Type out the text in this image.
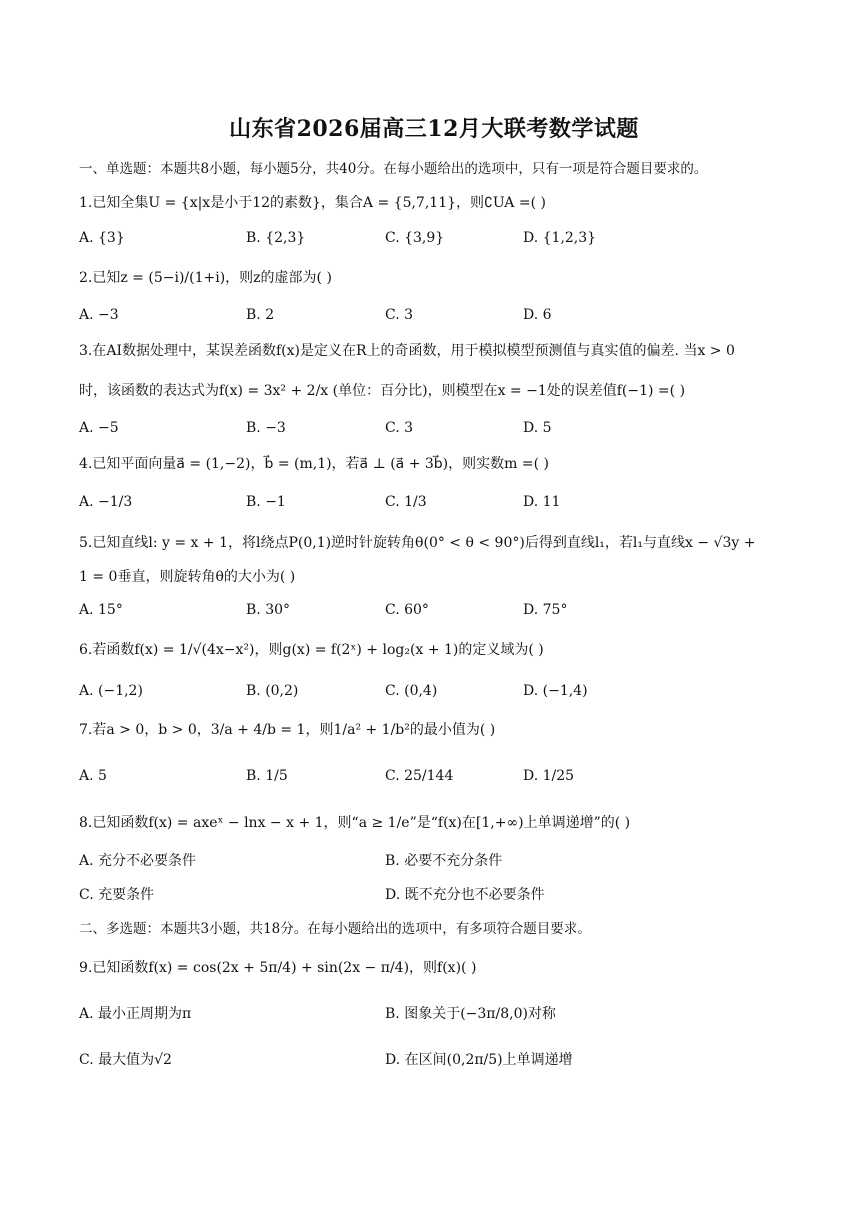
山东省2026届高三12月大联考数学试题
一、单选题：本题共8小题，每小题5分，共40分。在每小题给出的选项中，只有一项是符合题目要求的。
1.已知全集U = {x|x是小于12的素数}，集合A = {5,7,11}，则∁UA =( )
A. {3}	B. {2,3}	C. {3,9}	D. {1,2,3}
2.已知z = (5−i)/(1+i)，则z的虚部为( )
A. −3	B. 2	C. 3	D. 6
3.在AI数据处理中，某误差函数f(x)是定义在R上的奇函数，用于模拟模型预测值与真实值的偏差. 当x > 0
时，该函数的表达式为f(x) = 3x² + 2/x (单位：百分比)，则模型在x = −1处的误差值f(−1) =( )
A. −5	B. −3	C. 3	D. 5
4.已知平面向量a⃗ = (1,−2)，b⃗ = (m,1)，若a⃗ ⊥ (a⃗ + 3b⃗)，则实数m =( )
A. −1/3	B. −1	C. 1/3	D. 11
5.已知直线l: y = x + 1，将l绕点P(0,1)逆时针旋转角θ(0° < θ < 90°)后得到直线l₁，若l₁与直线x − √3y +
1 = 0垂直，则旋转角θ的大小为( )
A. 15°	B. 30°	C. 60°	D. 75°
6.若函数f(x) = 1/√(4x−x²)，则g(x) = f(2ˣ) + log₂(x + 1)的定义域为( )
A. (−1,2)	B. (0,2)	C. (0,4)	D. (−1,4)
7.若a > 0，b > 0，3/a + 4/b = 1，则1/a² + 1/b²的最小值为( )
A. 5	B. 1/5	C. 25/144	D. 1/25
8.已知函数f(x) = axeˣ − lnx − x + 1，则“a ≥ 1/e”是“f(x)在[1,+∞)上单调递增”的( )
A. 充分不必要条件	B. 必要不充分条件
C. 充要条件	D. 既不充分也不必要条件
二、多选题：本题共3小题，共18分。在每小题给出的选项中，有多项符合题目要求。
9.已知函数f(x) = cos(2x + 5π/4) + sin(2x − π/4)，则f(x)( )
A. 最小正周期为π	B. 图象关于(−3π/8,0)对称
C. 最大值为√2	D. 在区间(0,2π/5)上单调递增
